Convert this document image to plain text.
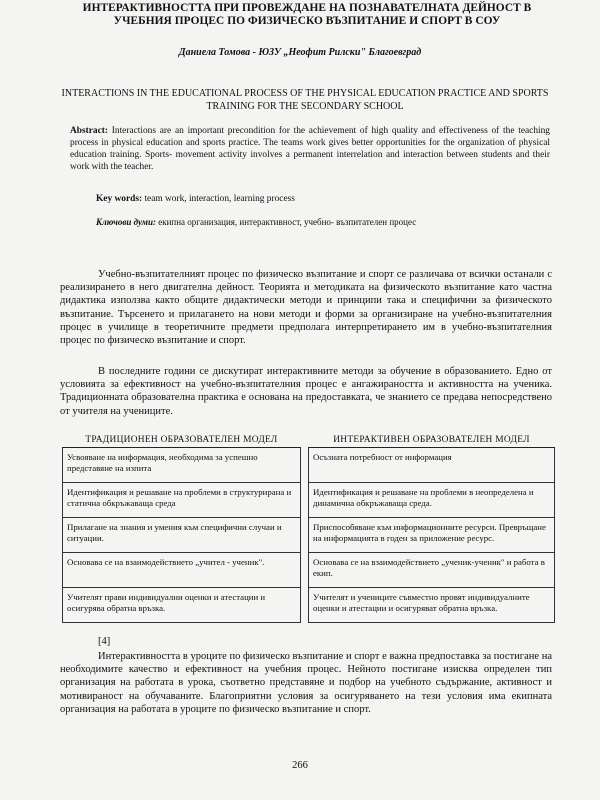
ИНТЕРАКТИВНОСТТА ПРИ ПРОВЕЖДАНЕ НА ПОЗНАВАТЕЛНАТА ДЕЙНОСТ В УЧЕБНИЯ ПРОЦЕС ПО ФИЗИЧЕСКО ВЪЗПИТАНИЕ И СПОРТ В СОУ
Даниела Томова - ЮЗУ „Неофит Рилски" Благоевград
INTERACTIONS IN THE EDUCATIONAL PROCESS OF THE PHYSICAL EDUCATION PRACTICE AND SPORTS TRAINING FOR THE SECONDARY SCHOOL

Abstract: Interactions are an important precondition for the achievement of high quality and effectiveness of the teaching process in physical education and sports practice. The teams work gives better opportunities for the organization of physical education training. Sports- movement activity involves a permanent interrelation and interaction between students and their work with the teacher.

Key words: team work, interaction, learning process
Ключови думи: екипна организация, интерактивност, учебно- възпитателен процес

Учебно-възпитателният процес по физическо възпитание и спорт се различава от всички останали с реализирането в него двигателна дейност. Теорията и методиката на физическото възпитание като частна дидактика използва както общите дидактически методи и принципи така и специфични за физическото възпитание. Търсенето и прилагането на нови методи и форми за организиране на учебно-възпитателния процес в училище в теоретичните предмети предполага интерпретирането им в учебно-възпитателния процес по физическо възпитание и спорт.

В последните години се дискутират интерактивните методи за обучение в образованието. Едно от условията за ефективност на учебно-възпитателния процес е ангажираността и активността на ученика. Традиционната образователна практика е основана на предоставката, че знанието се предава непосредствено от учителя на учениците.

ТРАДИЦИОНЕН ОБРАЗОВАТЕЛЕН МОДЕЛ		ИНТЕРАКТИВЕН ОБРАЗОВАТЕЛЕН МОДЕЛ
Усвояване на информация, необходима за успешно представяне на изпита		Осъзната потребност от информация
Идентификация и решаване на проблеми в структурирана и статична обкръжаваща среда		Идентификация и решаване на проблеми в неопределена и динамична обкръжаваща среда.
Прилагане на знания и умения към специфични случаи и ситуации.		Приспособяване към информационните ресурси. Превръщане на информацията в годен за приложение ресурс.
Основава се на взаимодействието „учител - ученик".		Основава се на взаимодействието „ученик-ученик" и работа в екип.
Учителят прави индивидуални оценки и атестации и осигурява обратна връзка.		Учителят и учениците съвместно провят индивидуалните оценки и атестации и осигуряват обратна връзка.
[4]

Интерактивността в уроците по физическо възпитание и спорт е важна предпоставка за постигане на необходимите качество и ефективност на учебния процес. Нейното постигане изисква определен тип организация на работата в урока, съответно представяне и подбор на учебното съдържание, активност и мотивираност на обучаваните. Благоприятни условия за осигуряването на тези условия има екипната организация на работата в уроците по физическо възпитание и спорт.

266
